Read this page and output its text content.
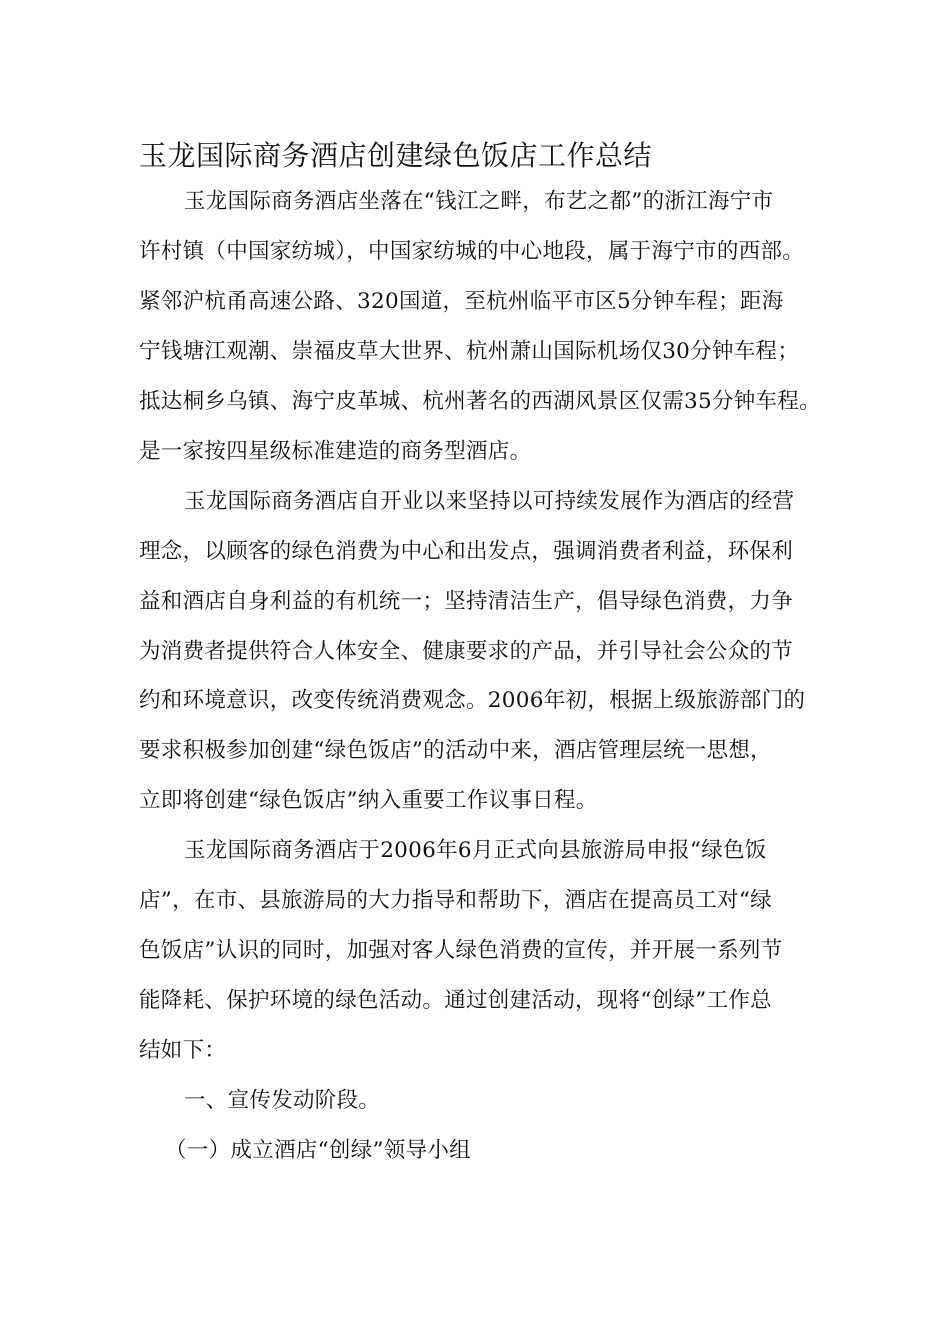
玉龙国际商务酒店创建绿色饭店工作总结
玉龙国际商务酒店坐落在“钱江之畔，布艺之都”的浙江海宁市
许村镇（中国家纺城），中国家纺城的中心地段，属于海宁市的西部。
紧邻沪杭甬高速公路、320国道，至杭州临平市区5分钟车程；距海
宁钱塘江观潮、崇福皮草大世界、杭州萧山国际机场仅30分钟车程；
抵达桐乡乌镇、海宁皮革城、杭州著名的西湖风景区仅需35分钟车程。
是一家按四星级标准建造的商务型酒店。
玉龙国际商务酒店自开业以来坚持以可持续发展作为酒店的经营
理念，以顾客的绿色消费为中心和出发点，强调消费者利益，环保利
益和酒店自身利益的有机统一；坚持清洁生产，倡导绿色消费，力争
为消费者提供符合人体安全、健康要求的产品，并引导社会公众的节
约和环境意识，改变传统消费观念。2006年初，根据上级旅游部门的
要求积极参加创建“绿色饭店”的活动中来，酒店管理层统一思想，
立即将创建“绿色饭店”纳入重要工作议事日程。
玉龙国际商务酒店于2006年6月正式向县旅游局申报“绿色饭
店”，在市、县旅游局的大力指导和帮助下，酒店在提高员工对“绿
色饭店”认识的同时，加强对客人绿色消费的宣传，并开展一系列节
能降耗、保护环境的绿色活动。通过创建活动，现将“创绿”工作总
结如下：
一、宣传发动阶段。
（一）成立酒店“创绿”领导小组
